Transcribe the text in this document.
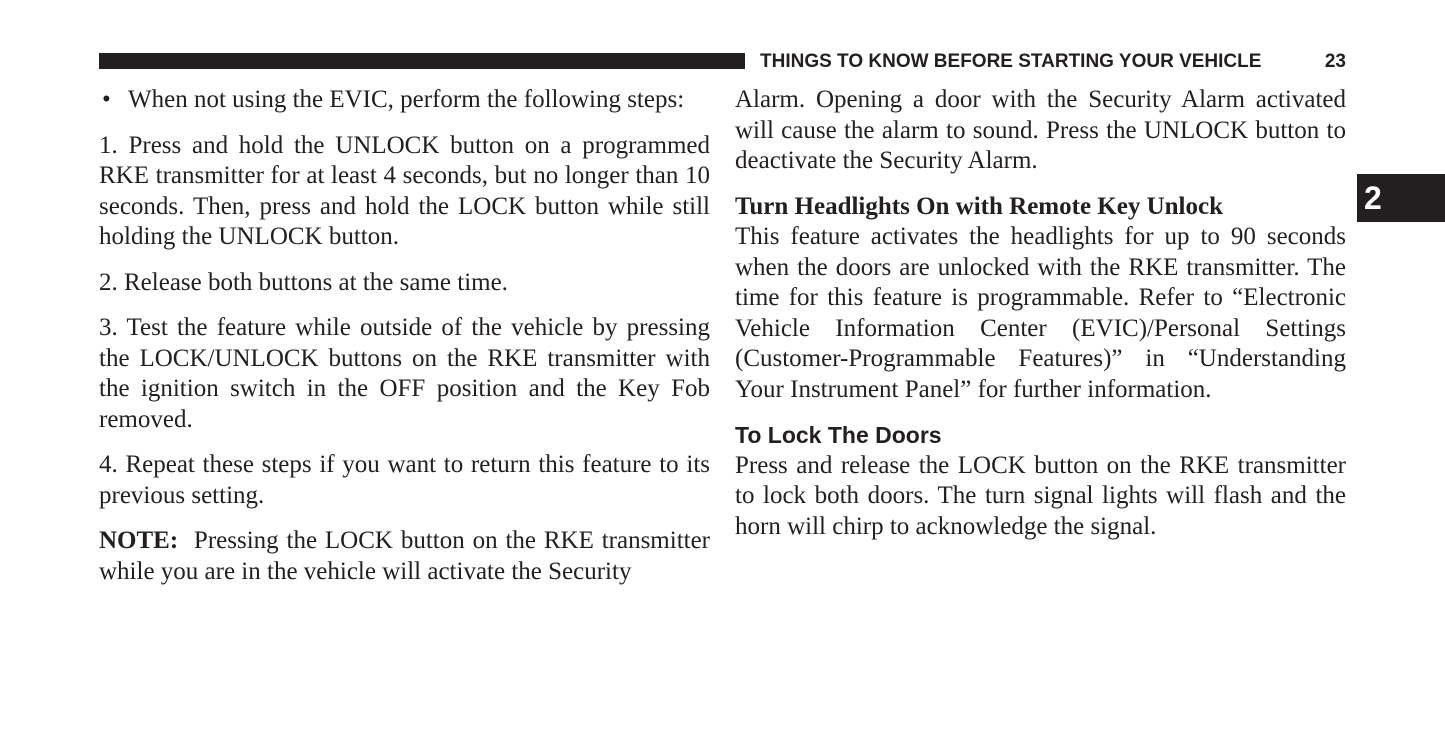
THINGS TO KNOW BEFORE STARTING YOUR VEHICLE	23
2

• When not using the EVIC, perform the following steps:

1. Press and hold the UNLOCK button on a programmed RKE transmitter for at least 4 seconds, but no longer than 10 seconds. Then, press and hold the LOCK button while still holding the UNLOCK button.

2. Release both buttons at the same time.

3. Test the feature while outside of the vehicle by pressing the LOCK/UNLOCK buttons on the RKE transmitter with the ignition switch in the OFF position and the Key Fob removed.

4. Repeat these steps if you want to return this feature to its previous setting.

NOTE: Pressing the LOCK button on the RKE transmitter while you are in the vehicle will activate the Security

Alarm. Opening a door with the Security Alarm activated will cause the alarm to sound. Press the UNLOCK button to deactivate the Security Alarm.

Turn Headlights On with Remote Key Unlock

This feature activates the headlights for up to 90 seconds when the doors are unlocked with the RKE transmitter. The time for this feature is programmable. Refer to “Electronic Vehicle Information Center (EVIC)/Personal Settings (Customer-Programmable Features)” in “Understanding Your Instrument Panel” for further information.

To Lock The Doors

Press and release the LOCK button on the RKE transmitter to lock both doors. The turn signal lights will flash and the horn will chirp to acknowledge the signal.
